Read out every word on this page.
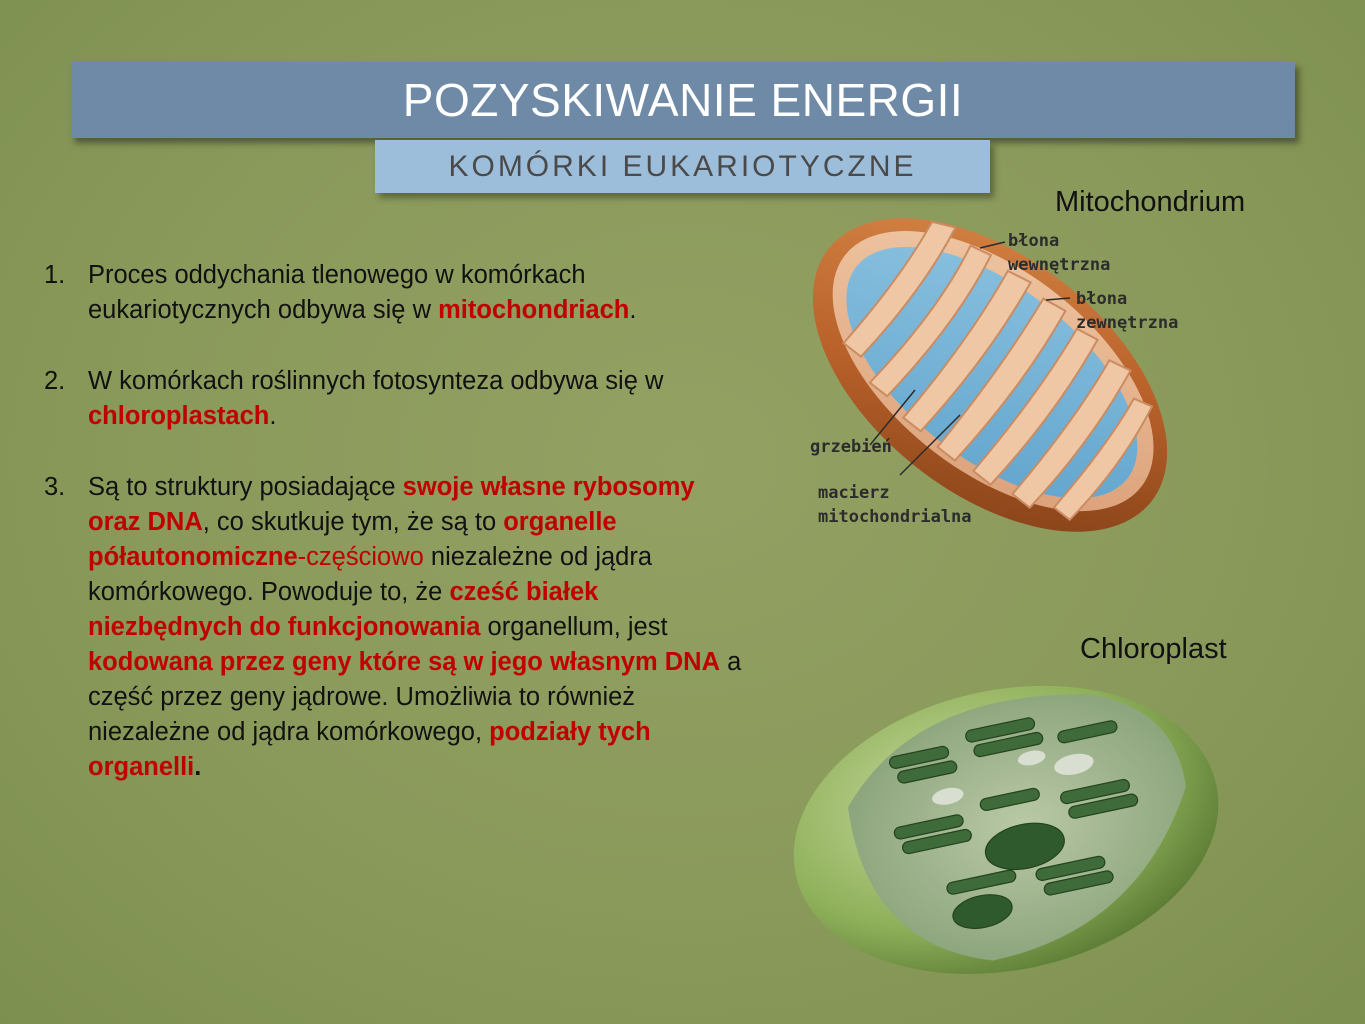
POZYSKIWANIE ENERGII
KOMÓRKI EUKARIOTYCZNE
1. Proces oddychania tlenowego w komórkach eukariotycznych odbywa się w mitochondriach.
2. W komórkach roślinnych fotosynteza odbywa się w chloroplastach.
3. Są to struktury posiadające swoje własne rybosomy oraz DNA, co skutkuje tym, że są to organelle półautonomiczne-częściowo niezależne od jądra komórkowego. Powoduje to, że cześć białek niezbędnych do funkcjonowania organellum, jest kodowana przez geny które są w jego własnym DNA a część przez geny jądrowe. Umożliwia to również niezależne od jądra komórkowego, podziały tych organelli.
Mitochondrium
Chloroplast
błona
wewnętrzna
błona
zewnętrzna
grzebień
macierz
mitochondrialna
